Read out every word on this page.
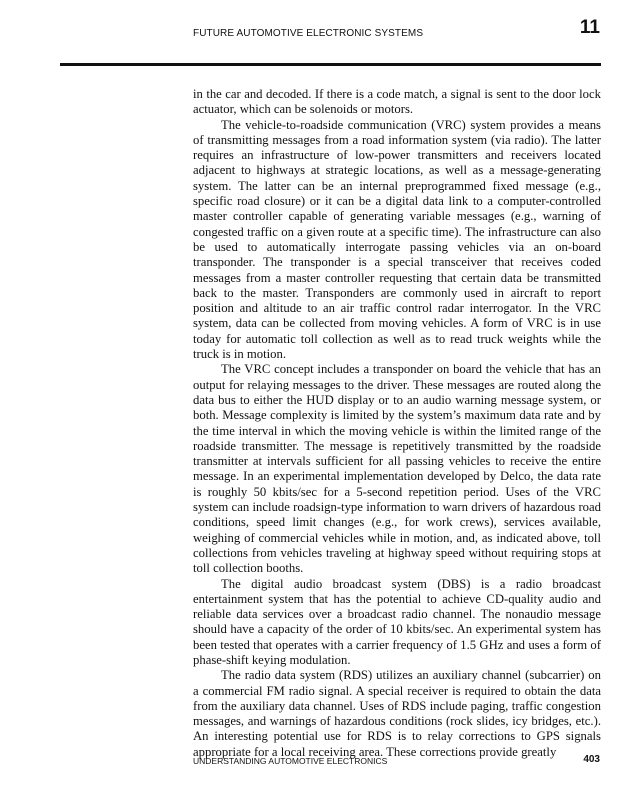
FUTURE AUTOMOTIVE ELECTRONIC SYSTEMS	11

in the car and decoded. If there is a code match, a signal is sent to the door lock actuator, which can be solenoids or motors.

The vehicle-to-roadside communication (VRC) system provides a means of transmitting messages from a road information system (via radio). The latter requires an infrastructure of low-power transmitters and receivers located adjacent to highways at strategic locations, as well as a message-generating system. The latter can be an internal preprogrammed fixed message (e.g., specific road closure) or it can be a digital data link to a computer-controlled master controller capable of generating variable messages (e.g., warning of congested traffic on a given route at a specific time). The infrastructure can also be used to automatically interrogate passing vehicles via an on-board transponder. The transponder is a special transceiver that receives coded messages from a master controller requesting that certain data be transmitted back to the master. Transponders are commonly used in aircraft to report position and altitude to an air traffic control radar interrogator. In the VRC system, data can be collected from moving vehicles. A form of VRC is in use today for automatic toll collection as well as to read truck weights while the truck is in motion.

The VRC concept includes a transponder on board the vehicle that has an output for relaying messages to the driver. These messages are routed along the data bus to either the HUD display or to an audio warning message system, or both. Message complexity is limited by the system’s maximum data rate and by the time interval in which the moving vehicle is within the limited range of the roadside transmitter. The message is repetitively transmitted by the roadside transmitter at intervals sufficient for all passing vehicles to receive the entire message. In an experimental implementation developed by Delco, the data rate is roughly 50 kbits/sec for a 5-second repetition period. Uses of the VRC system can include roadsign-type information to warn drivers of hazardous road conditions, speed limit changes (e.g., for work crews), services available, weighing of commercial vehicles while in motion, and, as indicated above, toll collections from vehicles traveling at highway speed without requiring stops at toll collection booths.

The digital audio broadcast system (DBS) is a radio broadcast entertainment system that has the potential to achieve CD-quality audio and reliable data services over a broadcast radio channel. The nonaudio message should have a capacity of the order of 10 kbits/sec. An experimental system has been tested that operates with a carrier frequency of 1.5 GHz and uses a form of phase-shift keying modulation.

The radio data system (RDS) utilizes an auxiliary channel (subcarrier) on a commercial FM radio signal. A special receiver is required to obtain the data from the auxiliary data channel. Uses of RDS include paging, traffic congestion messages, and warnings of hazardous conditions (rock slides, icy bridges, etc.). An interesting potential use for RDS is to relay corrections to GPS signals appropriate for a local receiving area. These corrections provide greatly

UNDERSTANDING AUTOMOTIVE ELECTRONICS	403
